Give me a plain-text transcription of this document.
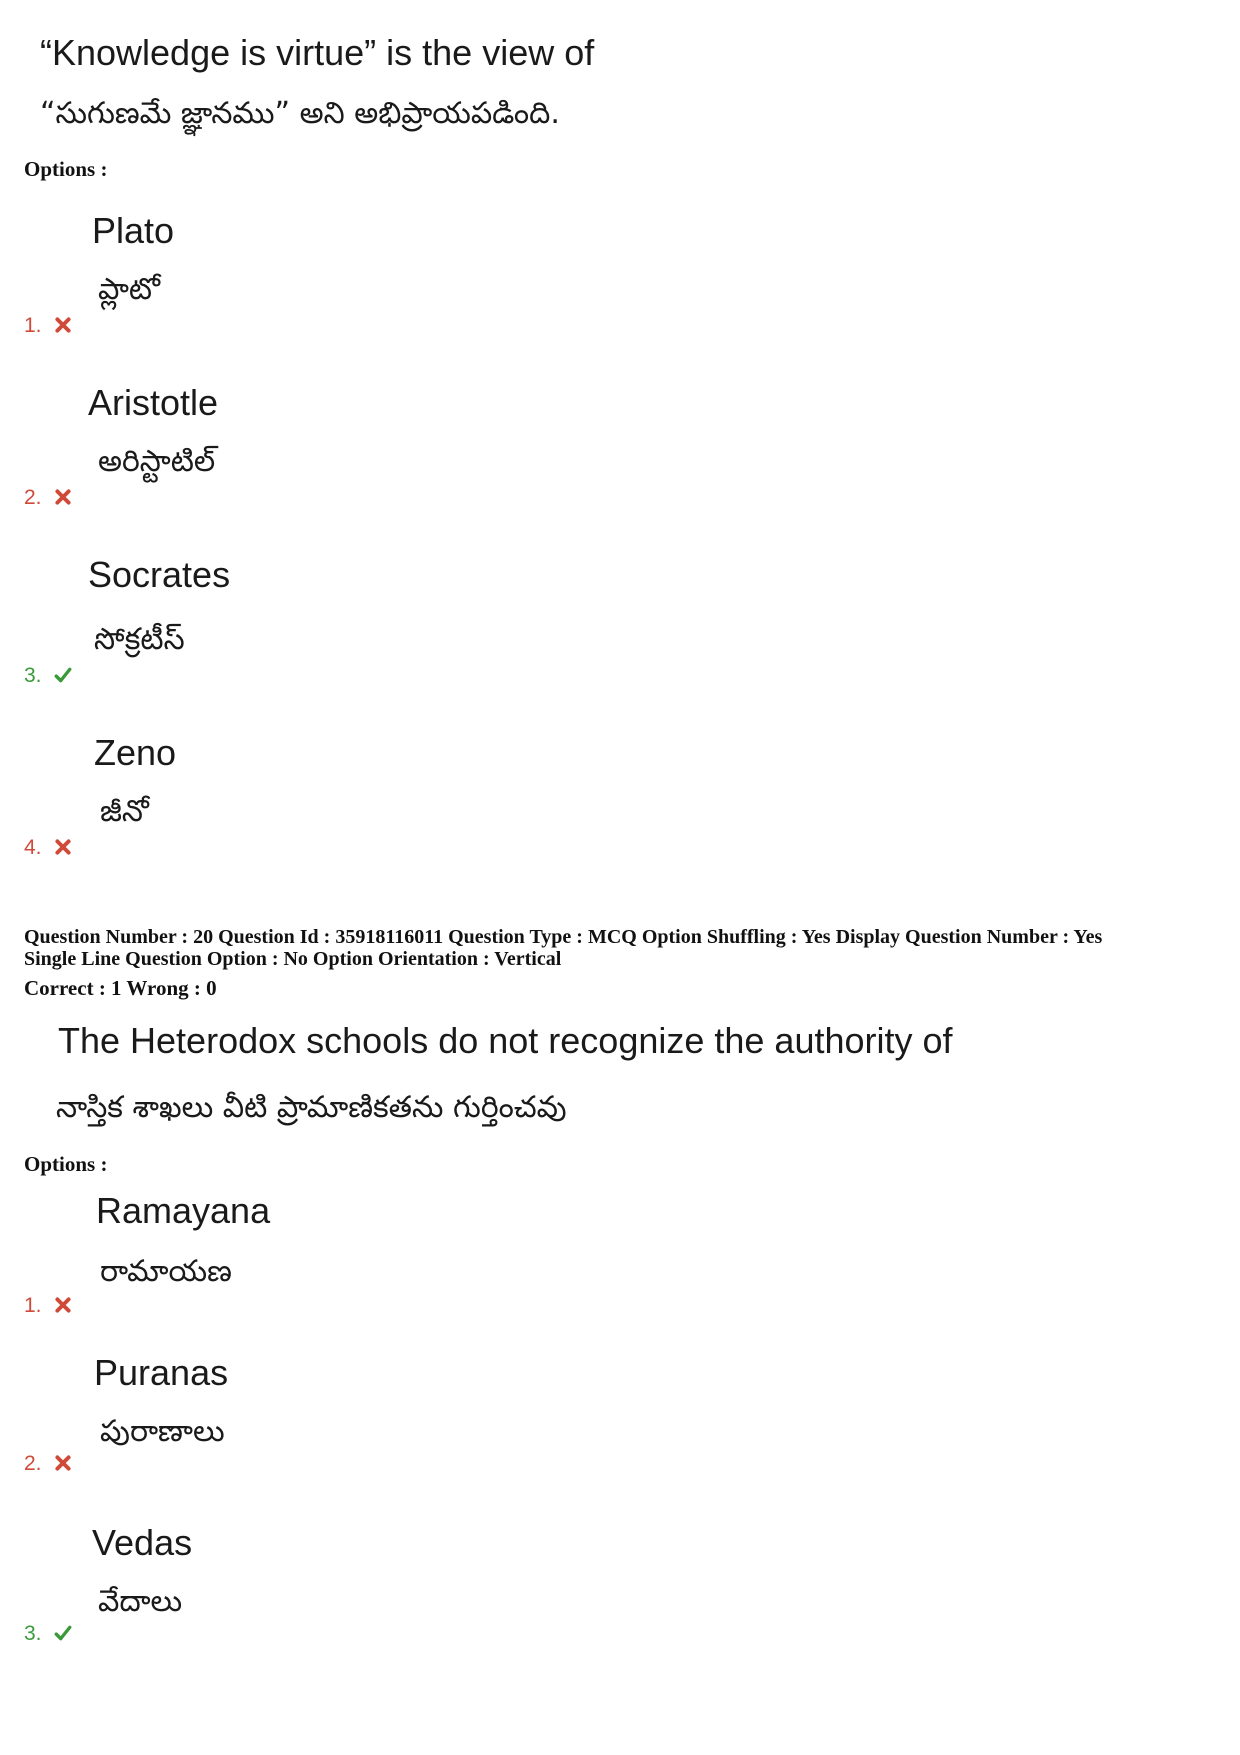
“Knowledge is virtue” is the view of
“సుగుణమే జ్ఞానము” అని అభిప్రాయపడింది.
Options :
Plato
ప్లాటో
1.
Aristotle
అరిస్టాటిల్
2.
Socrates
సోక్రటీస్
3.
Zeno
జీనో
4.
Question Number : 20 Question Id : 35918116011 Question Type : MCQ Option Shuffling : Yes Display Question Number : Yes
Single Line Question Option : No Option Orientation : Vertical
Correct : 1 Wrong : 0
The Heterodox schools do not recognize the authority of
నాస్తిక శాఖలు వీటి ప్రామాణికతను గుర్తించవు
Options :
Ramayana
రామాయణ
1.
Puranas
పురాణాలు
2.
Vedas
వేదాలు
3.
